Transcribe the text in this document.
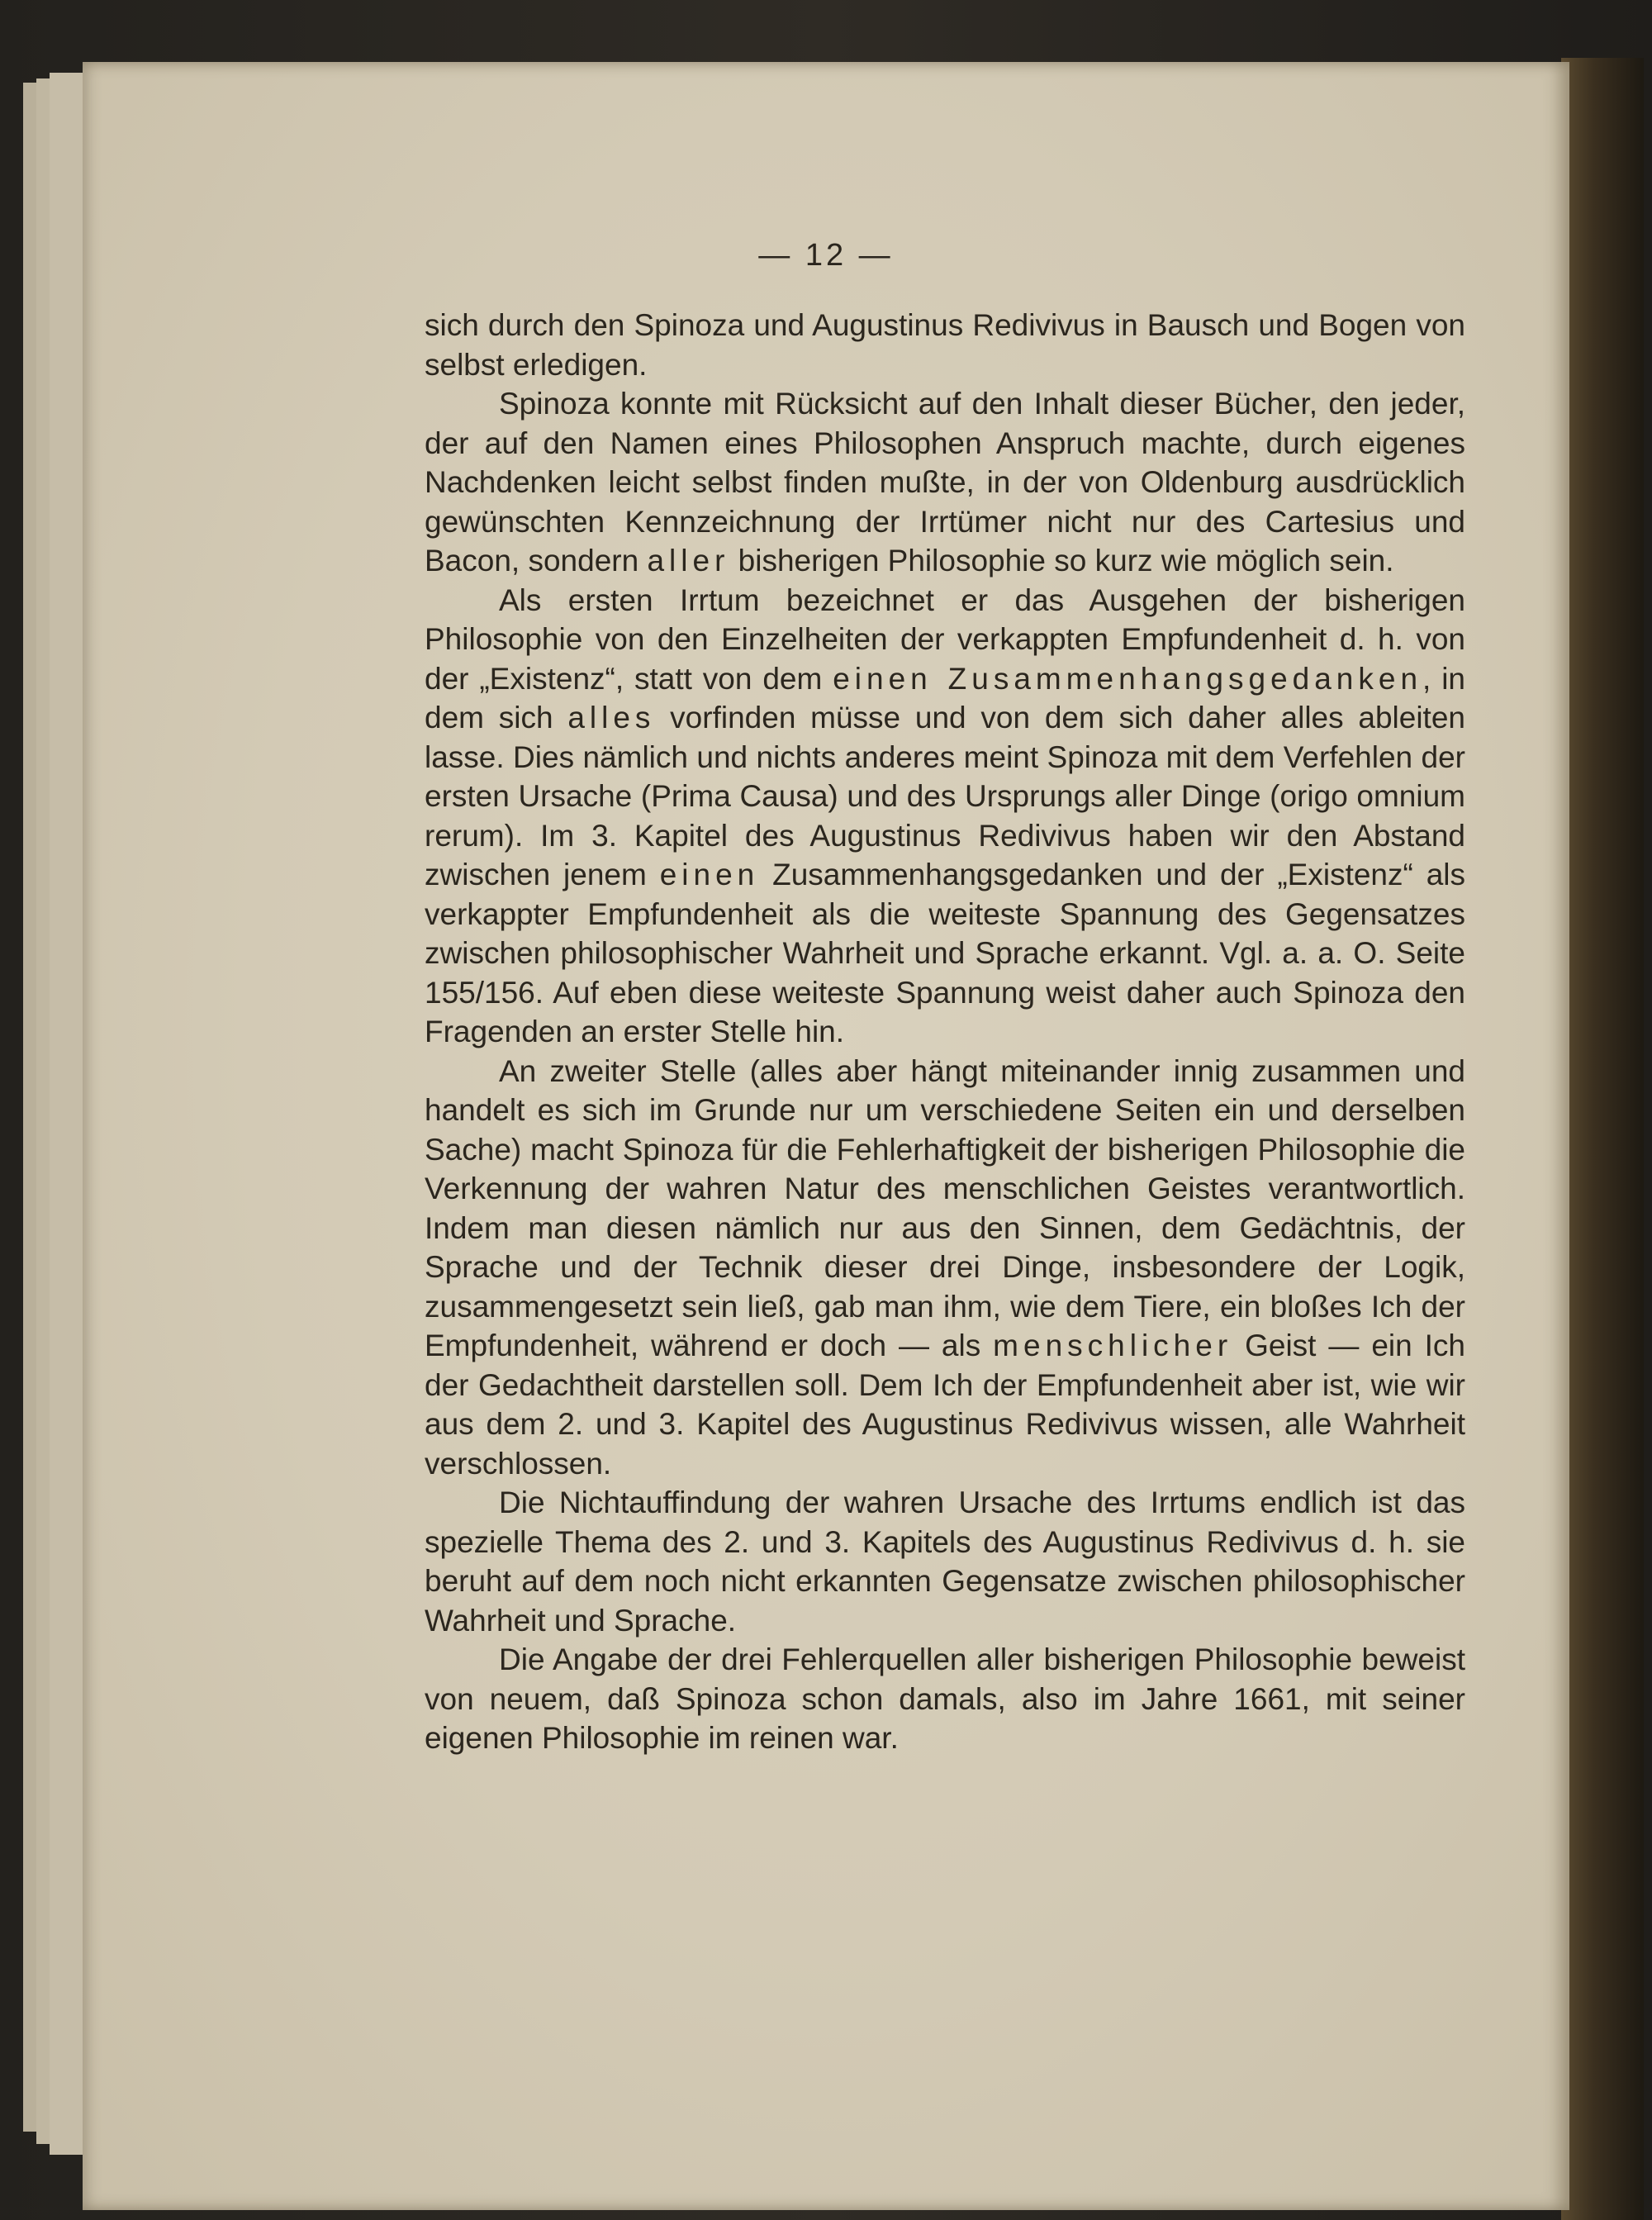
— 12 —

sich durch den Spinoza und Augustinus Redivivus in Bausch und Bogen von selbst erledigen.

Spinoza konnte mit Rücksicht auf den Inhalt dieser Bücher, den jeder, der auf den Namen eines Philosophen Anspruch machte, durch eigenes Nachdenken leicht selbst finden mußte, in der von Oldenburg ausdrücklich gewünschten Kennzeichnung der Irrtümer nicht nur des Cartesius und Bacon, sondern aller bisherigen Philosophie so kurz wie möglich sein.

Als ersten Irrtum bezeichnet er das Ausgehen der bisherigen Philosophie von den Einzelheiten der verkappten Empfundenheit d. h. von der „Existenz“, statt von dem einen Zusammenhangsgedanken, in dem sich alles vorfinden müsse und von dem sich daher alles ableiten lasse. Dies nämlich und nichts anderes meint Spinoza mit dem Verfehlen der ersten Ursache (Prima Causa) und des Ursprungs aller Dinge (origo omnium rerum). Im 3. Kapitel des Augustinus Redivivus haben wir den Abstand zwischen jenem einen Zusammenhangsgedanken und der „Existenz“ als verkappter Empfundenheit als die weiteste Spannung des Gegensatzes zwischen philosophischer Wahrheit und Sprache erkannt. Vgl. a. a. O. Seite 155/156. Auf eben diese weiteste Spannung weist daher auch Spinoza den Fragenden an erster Stelle hin.

An zweiter Stelle (alles aber hängt miteinander innig zusammen und handelt es sich im Grunde nur um verschiedene Seiten ein und derselben Sache) macht Spinoza für die Fehlerhaftigkeit der bisherigen Philosophie die Verkennung der wahren Natur des menschlichen Geistes verantwortlich. Indem man diesen nämlich nur aus den Sinnen, dem Gedächtnis, der Sprache und der Technik dieser drei Dinge, insbesondere der Logik, zusammengesetzt sein ließ, gab man ihm, wie dem Tiere, ein bloßes Ich der Empfundenheit, während er doch — als menschlicher Geist — ein Ich der Gedachtheit darstellen soll. Dem Ich der Empfundenheit aber ist, wie wir aus dem 2. und 3. Kapitel des Augustinus Redivivus wissen, alle Wahrheit verschlossen.

Die Nichtauffindung der wahren Ursache des Irrtums endlich ist das spezielle Thema des 2. und 3. Kapitels des Augustinus Redivivus d. h. sie beruht auf dem noch nicht erkannten Gegensatze zwischen philosophischer Wahrheit und Sprache.

Die Angabe der drei Fehlerquellen aller bisherigen Philosophie beweist von neuem, daß Spinoza schon damals, also im Jahre 1661, mit seiner eigenen Philosophie im reinen war.
